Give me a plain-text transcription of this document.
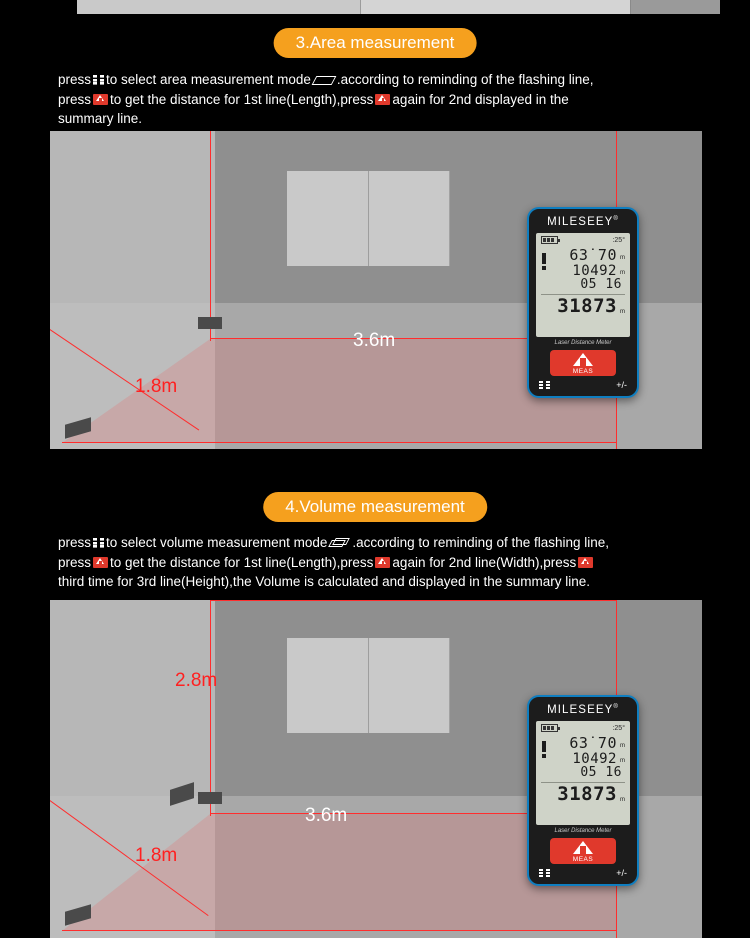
3.Area measurement
press to select area measurement mode .according to reminding of the flashing line,
press to get the distance for 1st line(Length),press again for 2nd displayed in the
summary line.
3.6m
1.8m
MILESEEY®
:25°
63˙70 m
10492 m
05 16
31873 m
Laser Distance Meter
MEAS
+/-
4.Volume measurement
press to select volume measurement mode .according to reminding of the flashing line,
press to get the distance for 1st line(Length),press again for 2nd line(Width),press
third time for 3rd line(Height),the Volume is calculated and displayed in the summary line.
2.8m
3.6m
1.8m
MILESEEY®
:25°
63˙70 m
10492 m
05 16
31873 m
Laser Distance Meter
MEAS
+/-
